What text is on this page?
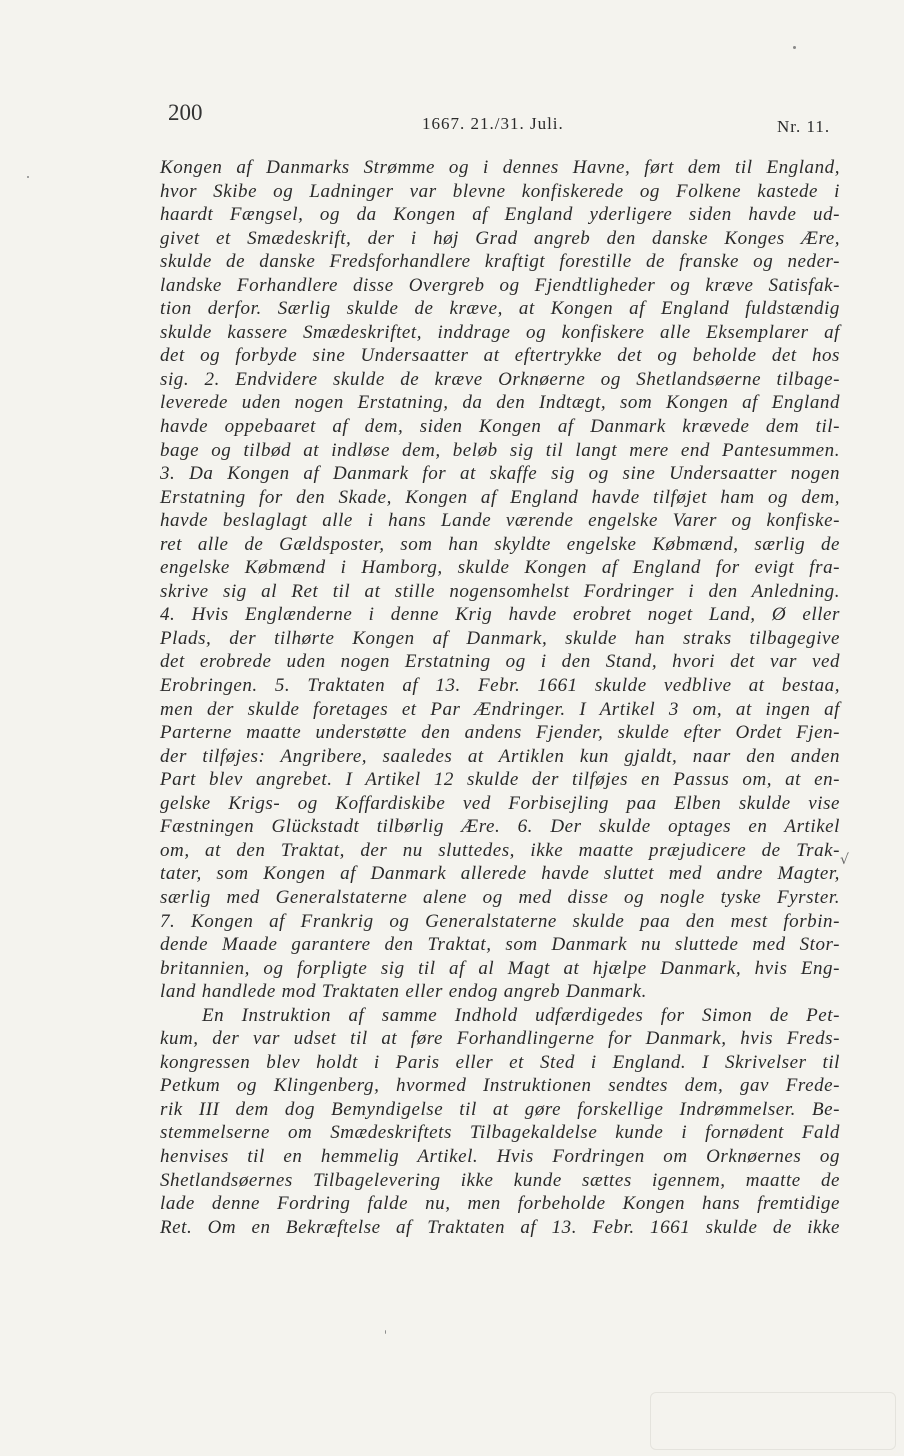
200	1667. 21./31. Juli.	Nr. 11.
Kongen af Danmarks Strømme og i dennes Havne, ført dem til England,
hvor Skibe og Ladninger var blevne konfiskerede og Folkene kastede i
haardt Fængsel, og da Kongen af England yderligere siden havde ud-
givet et Smædeskrift, der i høj Grad angreb den danske Konges Ære,
skulde de danske Fredsforhandlere kraftigt forestille de franske og neder-
landske Forhandlere disse Overgreb og Fjendtligheder og kræve Satisfak-
tion derfor. Særlig skulde de kræve, at Kongen af England fuldstændig
skulde kassere Smædeskriftet, inddrage og konfiskere alle Eksemplarer af
det og forbyde sine Undersaatter at eftertrykke det og beholde det hos
sig. 2. Endvidere skulde de kræve Orknøerne og Shetlandsøerne tilbage-
leverede uden nogen Erstatning, da den Indtægt, som Kongen af England
havde oppebaaret af dem, siden Kongen af Danmark krævede dem til-
bage og tilbød at indløse dem, beløb sig til langt mere end Pantesummen.
3. Da Kongen af Danmark for at skaffe sig og sine Undersaatter nogen
Erstatning for den Skade, Kongen af England havde tilføjet ham og dem,
havde beslaglagt alle i hans Lande værende engelske Varer og konfiske-
ret alle de Gældsposter, som han skyldte engelske Købmænd, særlig de
engelske Købmænd i Hamborg, skulde Kongen af England for evigt fra-
skrive sig al Ret til at stille nogensomhelst Fordringer i den Anledning.
4. Hvis Englænderne i denne Krig havde erobret noget Land, Ø eller
Plads, der tilhørte Kongen af Danmark, skulde han straks tilbagegive
det erobrede uden nogen Erstatning og i den Stand, hvori det var ved
Erobringen. 5. Traktaten af 13. Febr. 1661 skulde vedblive at bestaa,
men der skulde foretages et Par Ændringer. I Artikel 3 om, at ingen af
Parterne maatte understøtte den andens Fjender, skulde efter Ordet Fjen-
der tilføjes: Angribere, saaledes at Artiklen kun gjaldt, naar den anden
Part blev angrebet. I Artikel 12 skulde der tilføjes en Passus om, at en-
gelske Krigs- og Koffardiskibe ved Forbisejling paa Elben skulde vise
Fæstningen Glückstadt tilbørlig Ære. 6. Der skulde optages en Artikel
om, at den Traktat, der nu sluttedes, ikke maatte præjudicere de Trak-
tater, som Kongen af Danmark allerede havde sluttet med andre Magter,
særlig med Generalstaterne alene og med disse og nogle tyske Fyrster.
7. Kongen af Frankrig og Generalstaterne skulde paa den mest forbin-
dende Maade garantere den Traktat, som Danmark nu sluttede med Stor-
britannien, og forpligte sig til af al Magt at hjælpe Danmark, hvis Eng-
land handlede mod Traktaten eller endog angreb Danmark.
En Instruktion af samme Indhold udfærdigedes for Simon de Pet-
kum, der var udset til at føre Forhandlingerne for Danmark, hvis Freds-
kongressen blev holdt i Paris eller et Sted i England. I Skrivelser til
Petkum og Klingenberg, hvormed Instruktionen sendtes dem, gav Frede-
rik III dem dog Bemyndigelse til at gøre forskellige Indrømmelser. Be-
stemmelserne om Smædeskriftets Tilbagekaldelse kunde i fornødent Fald
henvises til en hemmelig Artikel. Hvis Fordringen om Orknøernes og
Shetlandsøernes Tilbagelevering ikke kunde sættes igennem, maatte de
lade denne Fordring falde nu, men forbeholde Kongen hans fremtidige
Ret. Om en Bekræftelse af Traktaten af 13. Febr. 1661 skulde de ikke
√
